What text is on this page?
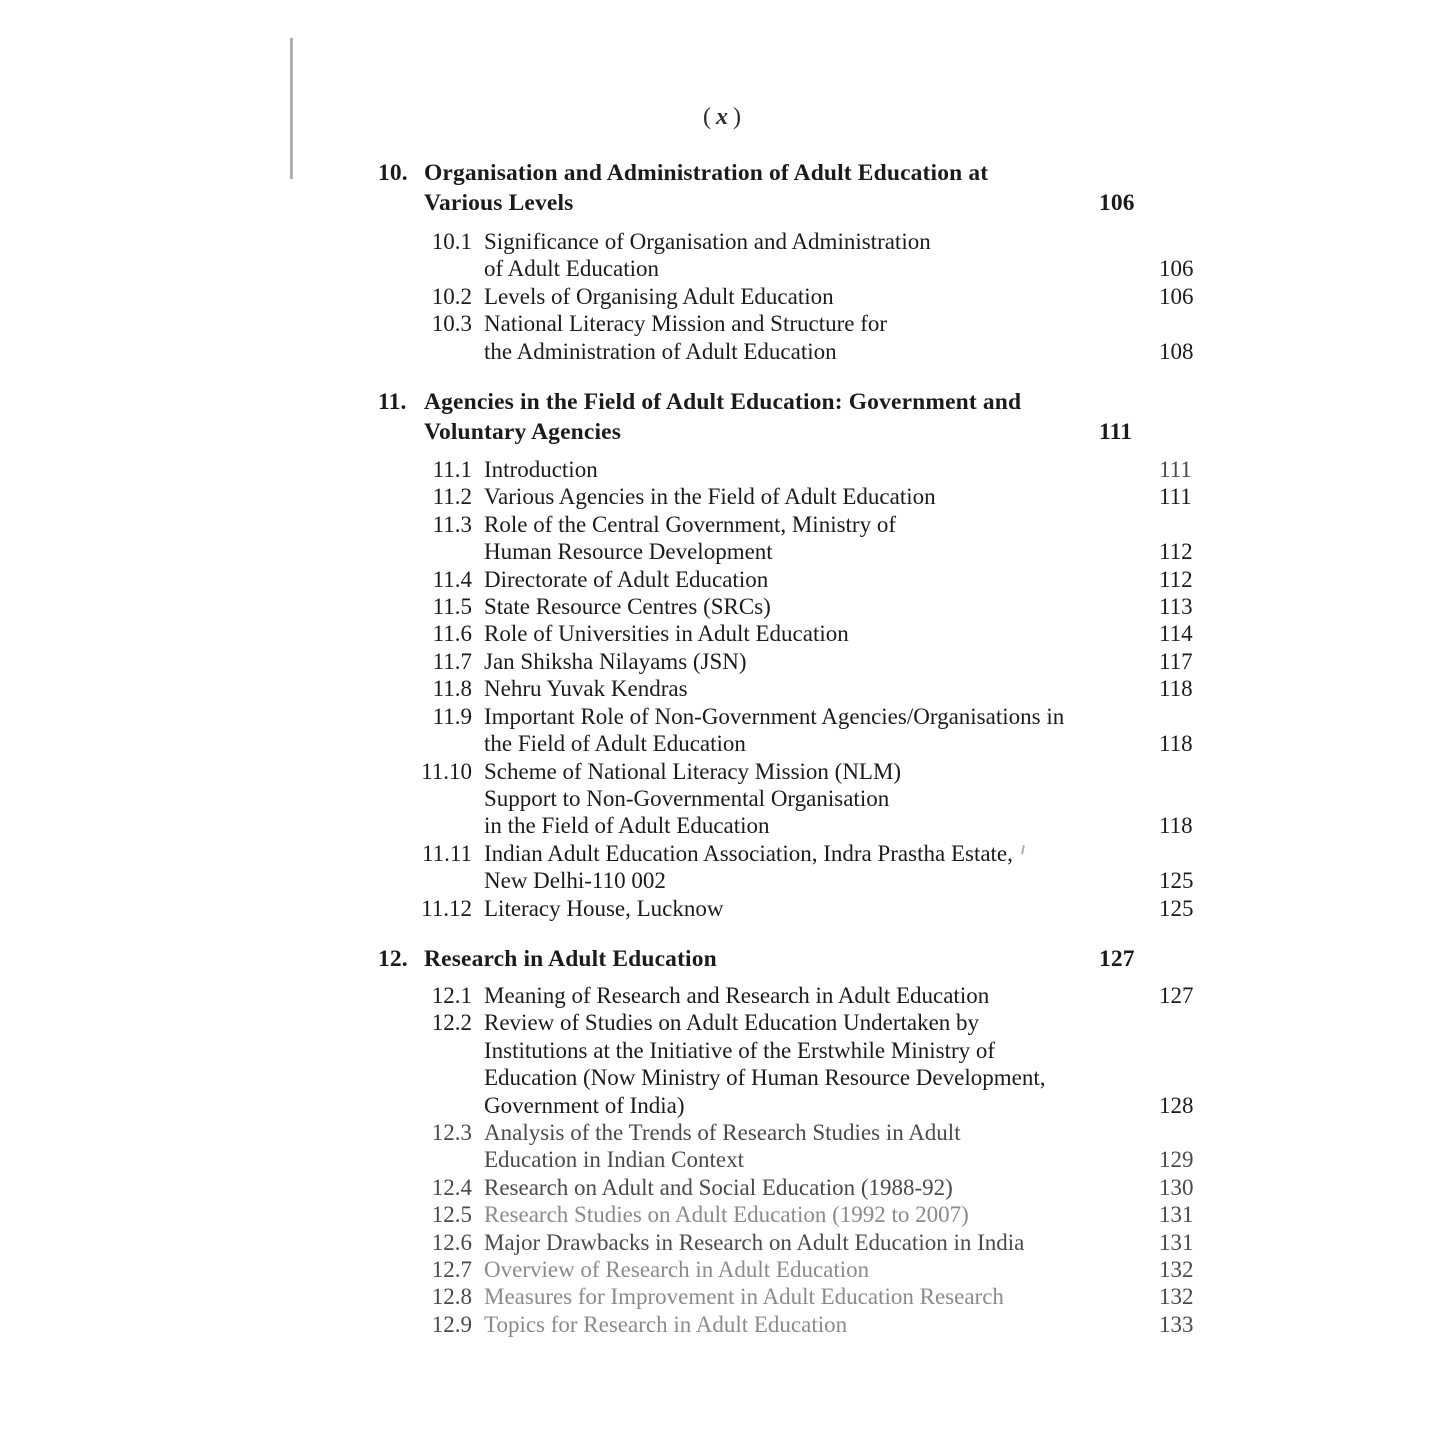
( x )
10. Organisation and Administration of Adult Education at
Various Levels	106
10.1 Significance of Organisation and Administration
of Adult Education	106
10.2 Levels of Organising Adult Education	106
10.3 National Literacy Mission and Structure for
the Administration of Adult Education	108
11. Agencies in the Field of Adult Education: Government and
Voluntary Agencies	111
11.1 Introduction	111
11.2 Various Agencies in the Field of Adult Education	111
11.3 Role of the Central Government, Ministry of
Human Resource Development	112
11.4 Directorate of Adult Education	112
11.5 State Resource Centres (SRCs)	113
11.6 Role of Universities in Adult Education	114
11.7 Jan Shiksha Nilayams (JSN)	117
11.8 Nehru Yuvak Kendras	118
11.9 Important Role of Non-Government Agencies/Organisations in
the Field of Adult Education	118
11.10 Scheme of National Literacy Mission (NLM)
Support to Non-Governmental Organisation
in the Field of Adult Education	118
11.11 Indian Adult Education Association, Indra Prastha Estate,
New Delhi-110 002	125
11.12 Literacy House, Lucknow	125
12. Research in Adult Education	127
12.1 Meaning of Research and Research in Adult Education	127
12.2 Review of Studies on Adult Education Undertaken by
Institutions at the Initiative of the Erstwhile Ministry of
Education (Now Ministry of Human Resource Development,
Government of India)	128
12.3 Analysis of the Trends of Research Studies in Adult
Education in Indian Context	129
12.4 Research on Adult and Social Education (1988-92)	130
12.5 Research Studies on Adult Education (1992 to 2007)	131
12.6 Major Drawbacks in Research on Adult Education in India	131
12.7 Overview of Research in Adult Education	132
12.8 Measures for Improvement in Adult Education Research	132
12.9 Topics for Research in Adult Education	133
